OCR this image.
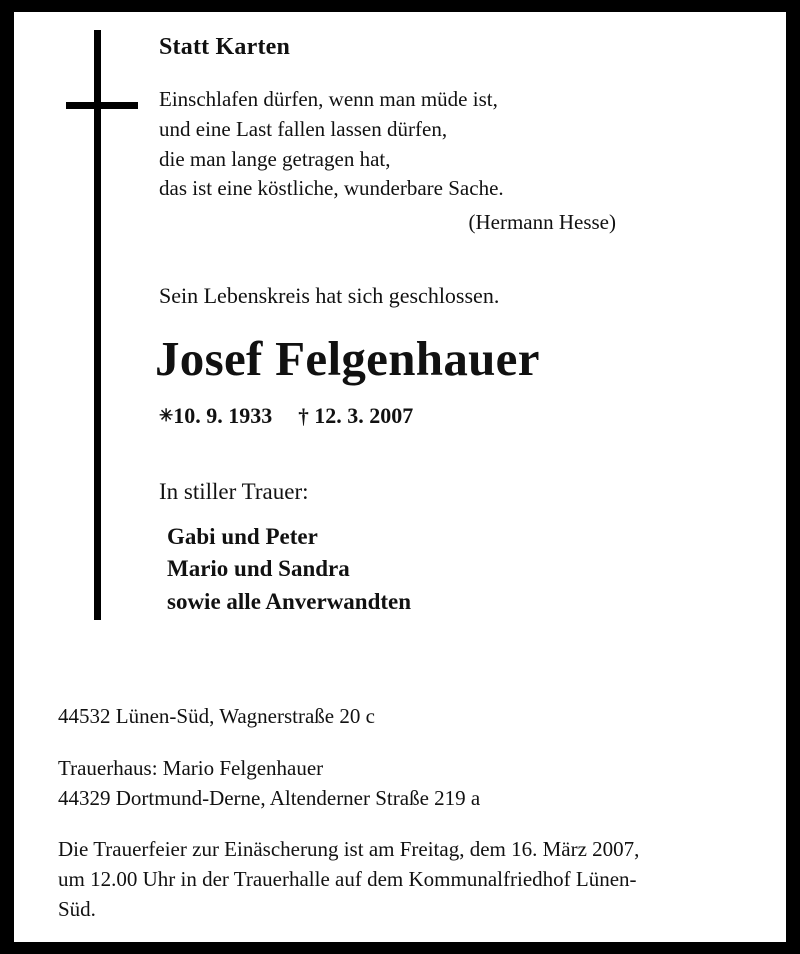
Statt Karten
Einschlafen dürfen, wenn man müde ist,
und eine Last fallen lassen dürfen,
die man lange getragen hat,
das ist eine köstliche, wunderbare Sache.
(Hermann Hesse)
Sein Lebenskreis hat sich geschlossen.
Josef Felgenhauer
✳10. 9. 1933 † 12. 3. 2007
In stiller Trauer:
Gabi und Peter
Mario und Sandra
sowie alle Anverwandten
44532 Lünen-Süd, Wagnerstraße 20 c
Trauerhaus: Mario Felgenhauer
44329 Dortmund-Derne, Altenderner Straße 219 a
Die Trauerfeier zur Einäscherung ist am Freitag, dem 16. März 2007,
um 12.00 Uhr in der Trauerhalle auf dem Kommunalfriedhof Lünen-
Süd.
